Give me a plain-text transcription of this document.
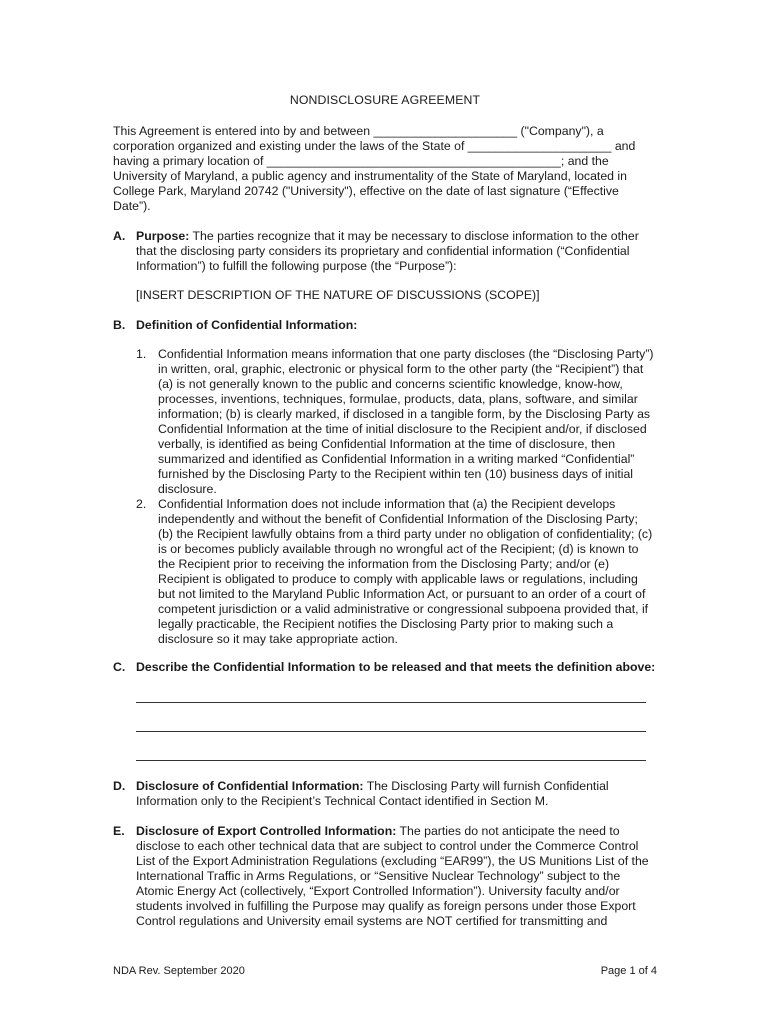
NONDISCLOSURE AGREEMENT
This Agreement is entered into by and between _____________________ ("Company"), a corporation organized and existing under the laws of the State of _____________________ and having a primary location of ___________________________________________; and the University of Maryland, a public agency and instrumentality of the State of Maryland, located in College Park, Maryland 20742 ("University"), effective on the date of last signature (“Effective Date”).
A. Purpose: The parties recognize that it may be necessary to disclose information to the other that the disclosing party considers its proprietary and confidential information (“Confidential Information”) to fulfill the following purpose (the “Purpose”):
[INSERT DESCRIPTION OF THE NATURE OF DISCUSSIONS (SCOPE)]
B. Definition of Confidential Information:
1. Confidential Information means information that one party discloses (the “Disclosing Party”) in written, oral, graphic, electronic or physical form to the other party (the “Recipient”) that (a) is not generally known to the public and concerns scientific knowledge, know-how, processes, inventions, techniques, formulae, products, data, plans, software, and similar information; (b) is clearly marked, if disclosed in a tangible form, by the Disclosing Party as Confidential Information at the time of initial disclosure to the Recipient and/or, if disclosed verbally, is identified as being Confidential Information at the time of disclosure, then summarized and identified as Confidential Information in a writing marked “Confidential” furnished by the Disclosing Party to the Recipient within ten (10) business days of initial disclosure.
2. Confidential Information does not include information that (a) the Recipient develops independently and without the benefit of Confidential Information of the Disclosing Party; (b) the Recipient lawfully obtains from a third party under no obligation of confidentiality; (c) is or becomes publicly available through no wrongful act of the Recipient; (d) is known to the Recipient prior to receiving the information from the Disclosing Party; and/or (e) Recipient is obligated to produce to comply with applicable laws or regulations, including but not limited to the Maryland Public Information Act, or pursuant to an order of a court of competent jurisdiction or a valid administrative or congressional subpoena provided that, if legally practicable, the Recipient notifies the Disclosing Party prior to making such a disclosure so it may take appropriate action.
C. Describe the Confidential Information to be released and that meets the definition above:
D. Disclosure of Confidential Information: The Disclosing Party will furnish Confidential Information only to the Recipient’s Technical Contact identified in Section M.
E. Disclosure of Export Controlled Information: The parties do not anticipate the need to disclose to each other technical data that are subject to control under the Commerce Control List of the Export Administration Regulations (excluding “EAR99”), the US Munitions List of the International Traffic in Arms Regulations, or “Sensitive Nuclear Technology” subject to the Atomic Energy Act (collectively, “Export Controlled Information”). University faculty and/or students involved in fulfilling the Purpose may qualify as foreign persons under those Export Control regulations and University email systems are NOT certified for transmitting and
NDA Rev. September 2020	Page 1 of 4
